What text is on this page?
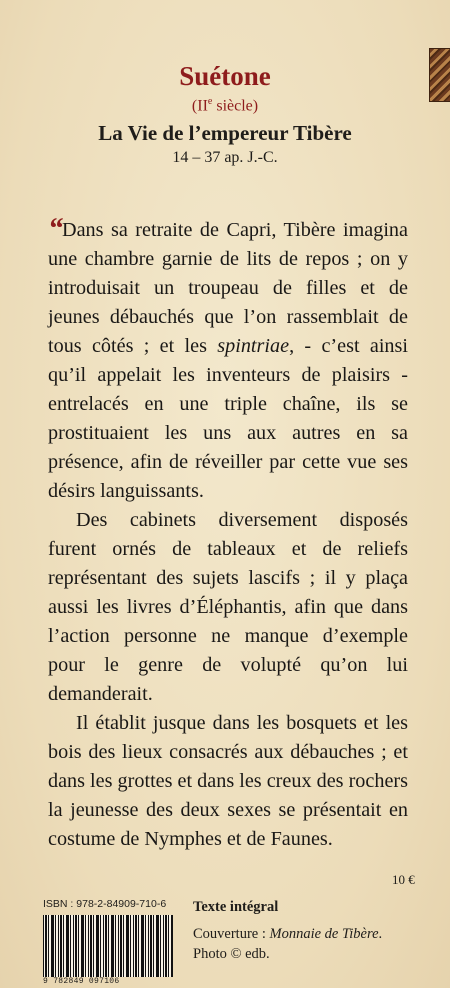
Suétone
(IIe siècle)
La Vie de l’empereur Tibère
14 – 37 ap. J.-C.

“Dans sa retraite de Capri, Tibère imagina une chambre garnie de lits de repos ; on y introduisait un troupeau de filles et de jeunes débauchés que l’on rassemblait de tous côtés ; et les spintriae, - c’est ainsi qu’il appelait les inventeurs de plaisirs - entrelacés en une triple chaîne, ils se prostituaient les uns aux autres en sa présence, afin de réveiller par cette vue ses désirs languissants.

Des cabinets diversement disposés furent ornés de tableaux et de reliefs représentant des sujets lascifs ; il y plaça aussi les livres d’Éléphantis, afin que dans l’action personne ne manque d’exemple pour le genre de volupté qu’on lui demanderait.

Il établit jusque dans les bosquets et les bois des lieux consacrés aux débauches ; et dans les grottes et dans les creux des rochers la jeunesse des deux sexes se présentait en costume de Nymphes et de Faunes.

10 €
ISBN : 978-2-84909-710-6
9 782849 097106
Texte intégral
Couverture : Monnaie de Tibère.
Photo © edb.
